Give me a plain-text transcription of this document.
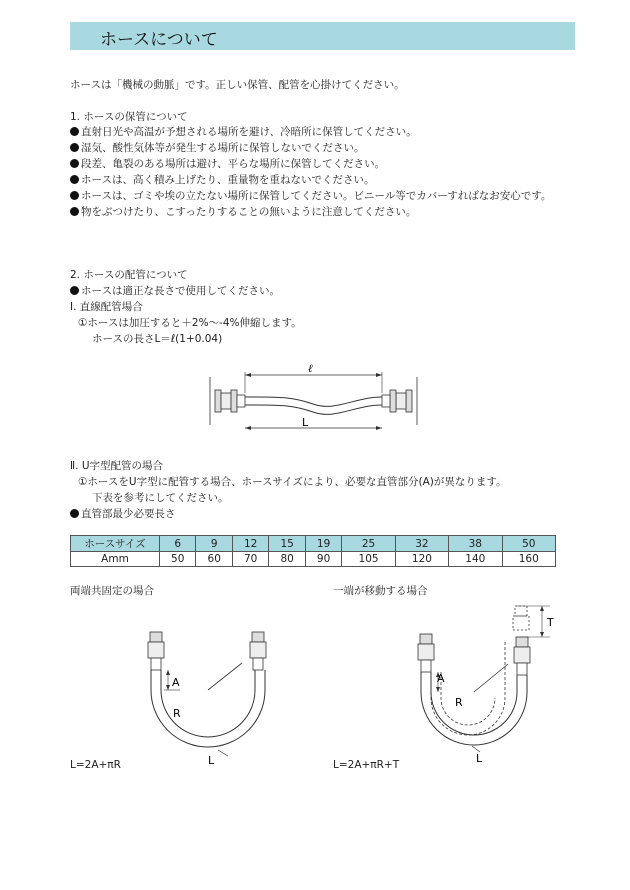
ホースについて
ホースは「機械の動脈」です。正しい保管、配管を心掛けてください。
1. ホースの保管について
直射日光や高温が予想される場所を避け、冷暗所に保管してください。
湿気、酸性気体等が発生する場所に保管しないでください。
段差、亀裂のある場所は避け、平らな場所に保管してください。
ホースは、高く積み上げたり、重量物を重ねないでください。
ホースは、ゴミや埃の立たない場所に保管してください。ビニール等でカバーすればなお安心です。
物をぶつけたり、こすったりすることの無いように注意してください。
2. ホースの配管について
ホースは適正な長さで使用してください。
Ⅰ. 直線配管場合
①ホースは加圧すると＋2%～-4%伸縮します。
ホースの長さL＝ℓ(1+0.04)
ℓ
L
Ⅱ. U字型配管の場合
①ホースをU字型に配管する場合、ホースサイズにより、必要な直管部分(A)が異なります。
下表を参考にしてください。
直管部最少必要長さ
ホースサイズ	6	9	12	15	19	25	32	38	50
Amm	50	60	70	80	90	105	120	140	160
両端共固定の場合	一端が移動する場合
A
R
L
L=2A+πR
T
A
R
L
L=2A+πR+T
